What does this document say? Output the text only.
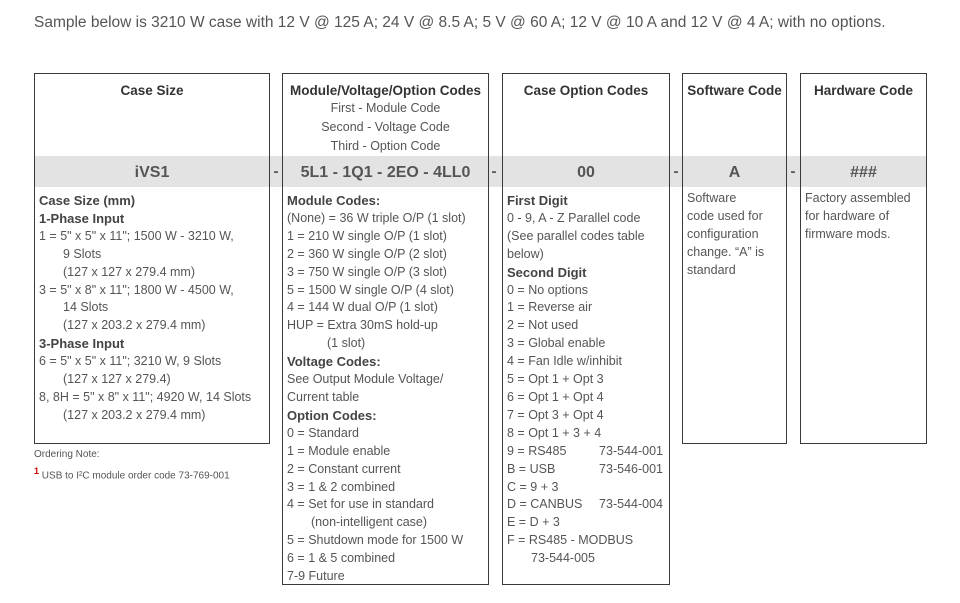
Sample below is 3210 W case with 12 V @ 125 A; 24 V @ 8.5 A; 5 V @ 60 A; 12 V @ 10 A and 12 V @ 4 A; with no options.
Case Size
iVS1
Case Size (mm)
1-Phase Input
1 = 5" x 5" x 11"; 1500 W - 3210 W,
9 Slots
(127 x 127 x 279.4 mm)
3 = 5" x 8" x 11"; 1800 W - 4500 W,
14 Slots
(127 x 203.2 x 279.4 mm)
3-Phase Input
6 = 5" x 5" x 11"; 3210 W, 9 Slots
(127 x 127 x 279.4)
8, 8H = 5" x 8" x 11"; 4920 W, 14 Slots
(127 x 203.2 x 279.4 mm)
-
Module/Voltage/Option Codes
First - Module Code
Second - Voltage Code
Third - Option Code
5L1 - 1Q1 - 2EO - 4LL0
Module Codes:
(None) = 36 W triple O/P (1 slot)
1 = 210 W single O/P (1 slot)
2 = 360 W single O/P (2 slot)
3 = 750 W single O/P (3 slot)
5 = 1500 W single O/P (4 slot)
4 = 144 W dual O/P (1 slot)
HUP = Extra 30mS hold-up
(1 slot)
Voltage Codes:
See Output Module Voltage/
Current table
Option Codes:
0 = Standard
1 = Module enable
2 = Constant current
3 = 1 & 2 combined
4 = Set for use in standard
(non-intelligent case)
5 = Shutdown mode for 1500 W
6 = 1 & 5 combined
7-9 Future
-
Case Option Codes
00
First Digit
0 - 9, A - Z Parallel code
(See parallel codes table
below)
Second Digit
0 = No options
1 = Reverse air
2 = Not used
3 = Global enable
4 = Fan Idle w/inhibit
5 = Opt 1 + Opt 3
6 = Opt 1 + Opt 4
7 = Opt 3 + Opt 4
8 = Opt 1 + 3 + 4
9 = RS485	73-544-001
B = USB	73-546-001
C = 9 + 3
D = CANBUS 73-544-004
E = D + 3
F = RS485 - MODBUS
73-544-005
-
Software Code
A
Software
code used for
configuration
change. “A” is
standard
-
Hardware Code
###
Factory assembled
for hardware of
firmware mods.
Ordering Note:
$^1$ USB to I²C module order code 73-769-001
